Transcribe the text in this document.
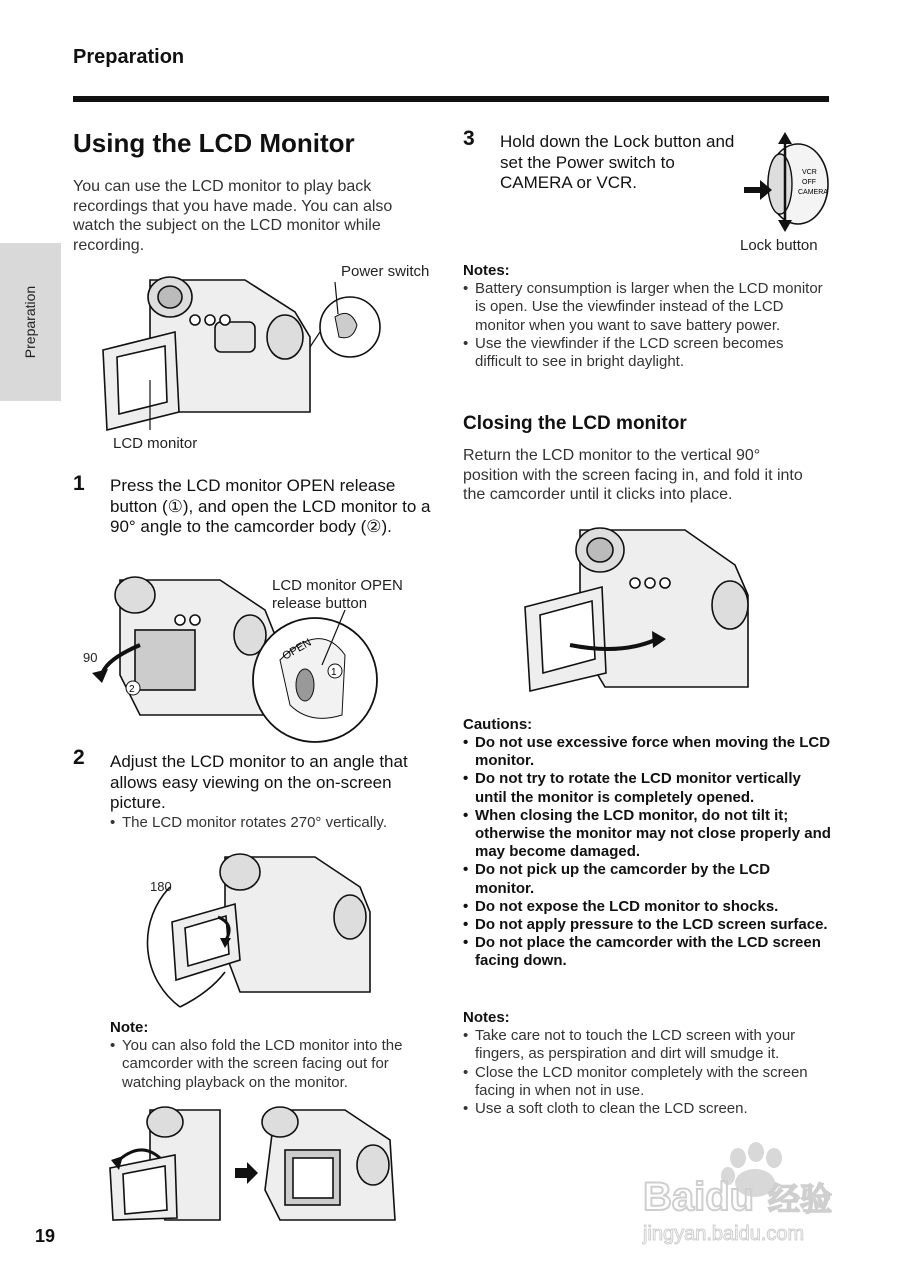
Preparation
Preparation
Using the LCD Monitor
You can use the LCD monitor to play back recordings that you have made. You can also watch the subject on the LCD monitor while recording.
Power switch
LCD monitor
1 Press the LCD monitor OPEN release button (①), and open the LCD monitor to a 90° angle to the camcorder body (②).
LCD monitor OPEN release button
90	OPEN
1
2
2 Adjust the LCD monitor to an angle that allows easy viewing on the on-screen picture.
• The LCD monitor rotates 270° vertically.
180
Note:
• You can also fold the LCD monitor into the camcorder with the screen facing out for watching playback on the monitor.
3 Hold down the Lock button and set the Power switch to CAMERA or VCR.
VCR
OFF
CAMERA
Lock button
Notes:
• Battery consumption is larger when the LCD monitor is open. Use the viewfinder instead of the LCD monitor when you want to save battery power.
• Use the viewfinder if the LCD screen becomes difficult to see in bright daylight.
Closing the LCD monitor
Return the LCD monitor to the vertical 90° position with the screen facing in, and fold it into the camcorder until it clicks into place.
Cautions:
• Do not use excessive force when moving the LCD monitor.
• Do not try to rotate the LCD monitor vertically until the monitor is completely opened.
• When closing the LCD monitor, do not tilt it; otherwise the monitor may not close properly and may become damaged.
• Do not pick up the camcorder by the LCD monitor.
• Do not expose the LCD monitor to shocks.
• Do not apply pressure to the LCD screen surface.
• Do not place the camcorder with the LCD screen facing down.
Notes:
• Take care not to touch the LCD screen with your fingers, as perspiration and dirt will smudge it.
• Close the LCD monitor completely with the screen facing in when not in use.
• Use a soft cloth to clean the LCD screen.
19
Baidu 经验
jingyan.baidu.com
